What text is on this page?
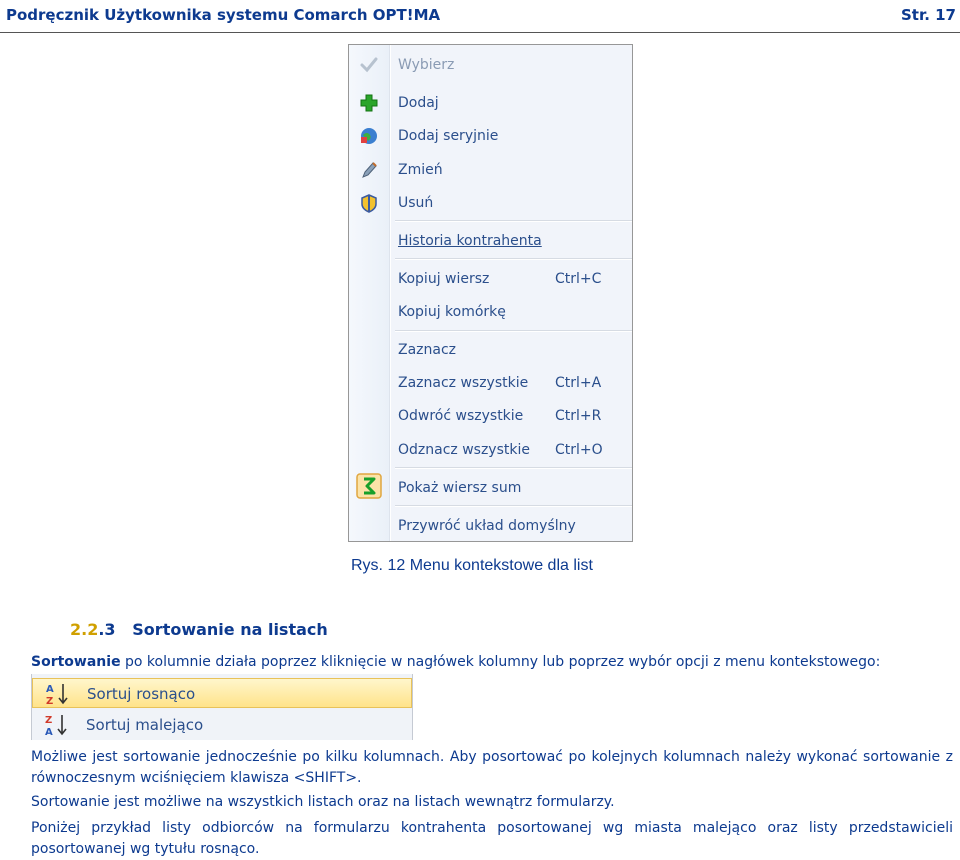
Podręcznik Użytkownika systemu Comarch OPT!MA	Str. 17
Wybierz
Dodaj
Dodaj seryjnie
Zmień
Usuń
Historia kontrahenta
Kopiuj wiersz	Ctrl+C
Kopiuj komórkę
Zaznacz
Zaznacz wszystkie Ctrl+A
Odwróć wszystkie Ctrl+R
Odznacz wszystkie Ctrl+O
Pokaż wiersz sum
Przywróć układ domyślny
Rys. 12 Menu kontekstowe dla list
2.2.3 Sortowanie na listach
Sortowanie po kolumnie działa poprzez kliknięcie w nagłówek kolumny lub poprzez wybór opcji z menu kontekstowego:
A
Z Sortuj rosnąco
Z
A Sortuj malejąco
Możliwe jest sortowanie jednocześnie po kilku kolumnach. Aby posortować po kolejnych kolumnach należy wykonać sortowanie z równoczesnym wciśnięciem klawisza <SHIFT>.
Sortowanie jest możliwe na wszystkich listach oraz na listach wewnątrz formularzy.
Poniżej przykład listy odbiorców na formularzu kontrahenta posortowanej wg miasta malejąco oraz listy przedstawicieli posortowanej wg tytułu rosnąco.
